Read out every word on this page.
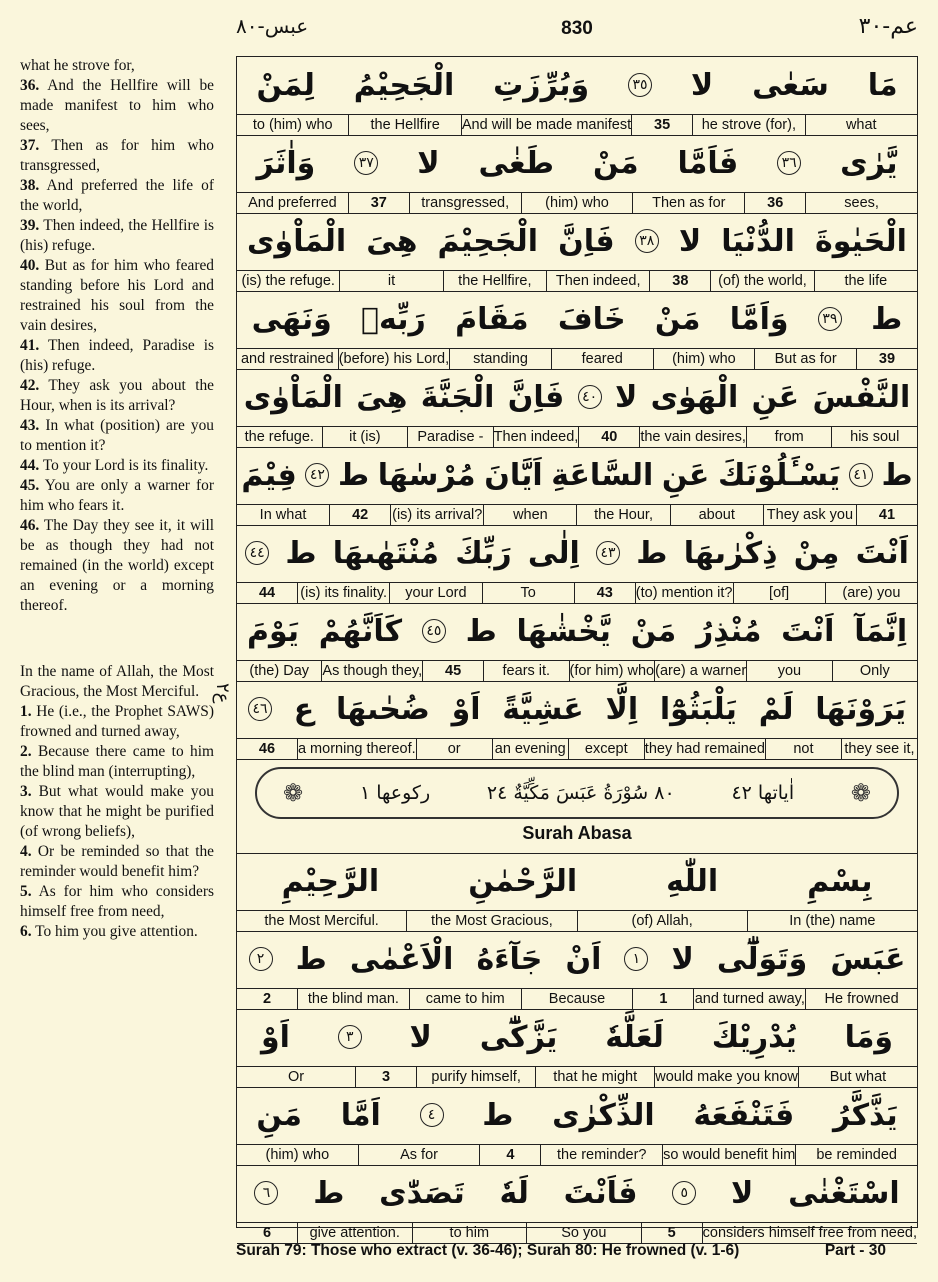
عم-٣٠
830
عبس-٨٠

what he strove for,

36. And the Hellfire will be made manifest to him who sees,

37. Then as for him who transgressed,

38. And preferred the life of the world,

39. Then indeed, the Hellfire is (his) refuge.

40. But as for him who feared standing before his Lord and restrained his soul from the vain desires,

41. Then indeed, Paradise is (his) refuge.

42. They ask you about the Hour, when is its arrival?

43. In what (position) are you to mention it?

44. To your Lord is its finality.

45. You are only a warner for him who fears it.

46. The Day they see it, it will be as though they had not remained (in the world) except an evening or a morning thereof.

In the name of Allah, the Most Gracious, the Most Merciful.

1. He (i.e., the Prophet SAWS) frowned and turned away,

2. Because there came to him the blind man (interrupting),

3. But what would make you know that he might be purified (of wrong beliefs),

4. Or be reminded so that the reminder would benefit him?

5. As for him who considers himself free from need,

6. To him you give attention.

ع٢
❁
اٰياتها ٤٢
٨٠ سُوْرَةُ عَبَسَ مَكِّيَّةٌ ٢٤
رکوعها ١
❁
Surah Abasa
مَا
سَعٰى
لا
٣٥
وَبُرِّزَتِ
الْجَحِيْمُ
لِمَنْ
what
he strove (for),
35
And will be made manifest
the Hellfire
to (him) who
يَّرٰى
٣٦
فَاَمَّا
مَنْ
طَغٰى
لا
٣٧
وَاٰثَرَ
sees,
36
Then as for
(him) who
transgressed,
37
And preferred
الْحَيٰوةَ
الدُّنْيَا
لا
٣٨
فَاِنَّ
الْجَحِيْمَ
هِىَ
الْمَاْوٰى
the life
(of) the world,
38
Then indeed,
the Hellfire,
it
(is) the refuge.
ط
٣٩
وَاَمَّا
مَنْ
خَافَ
مَقَامَ
رَبِّهٖ
وَنَهَى
39
But as for
(him) who
feared
standing
(before) his Lord,
and restrained
النَّفْسَ
عَنِ
الْهَوٰى
لا
٤٠
فَاِنَّ
الْجَنَّةَ
هِىَ
الْمَاْوٰى
his soul
from
the vain desires,
40
Then indeed,
Paradise -
it (is)
the refuge.
ط
٤١
يَسْـَٔلُوْنَكَ
عَنِ
السَّاعَةِ
اَيَّانَ
مُرْسٰهَا
ط
٤٢
فِيْمَ
41
They ask you
about
the Hour,
when
(is) its arrival?
42
In what
اَنْتَ
مِنْ
ذِكْرٰىهَا
ط
٤٣
اِلٰى
رَبِّكَ
مُنْتَهٰىهَا
ط
٤٤
(are) you
[of]
(to) mention it?
43
To
your Lord
(is) its finality.
44
اِنَّمَآ
اَنْتَ
مُنْذِرُ
مَنْ
يَّخْشٰهَا
ط
٤٥
كَاَنَّهُمْ
يَوْمَ
Only
you
(are) a warner
(for him) who
fears it.
45
As though they,
(the) Day
يَرَوْنَهَا
لَمْ
يَلْبَثُوْٓا
اِلَّا
عَشِيَّةً
اَوْ
ضُحٰىهَا
ع
٤٦
they see it,
not
they had remained
except
an evening
or
a morning thereof.
46
بِسْمِ
اللّٰهِ
الرَّحْمٰنِ
الرَّحِيْمِ
In (the) name
(of) Allah,
the Most Gracious,
the Most Merciful.
عَبَسَ
وَتَوَلّٰٓى
لا
١
اَنْ
جَآءَهُ
الْاَعْمٰى
ط
٢
He frowned
and turned away,
1
Because
came to him
the blind man.
2
وَمَا
يُدْرِيْكَ
لَعَلَّهٗ
يَزَّكّٰٓى
لا
٣
اَوْ
But what
would make you know
that he might
purify himself,
3
Or
يَذَّكَّرُ
فَتَنْفَعَهُ
الذِّكْرٰى
ط
٤
اَمَّا
مَنِ
be reminded
so would benefit him
the reminder?
4
As for
(him) who
اسْتَغْنٰى
لا
٥
فَاَنْتَ
لَهٗ
تَصَدّٰى
ط
٦
considers himself free from need,
5
So you
to him
give attention.
6
Surah 79: Those who extract (v. 36-46); Surah 80: He frowned (v. 1-6)	Part - 30
